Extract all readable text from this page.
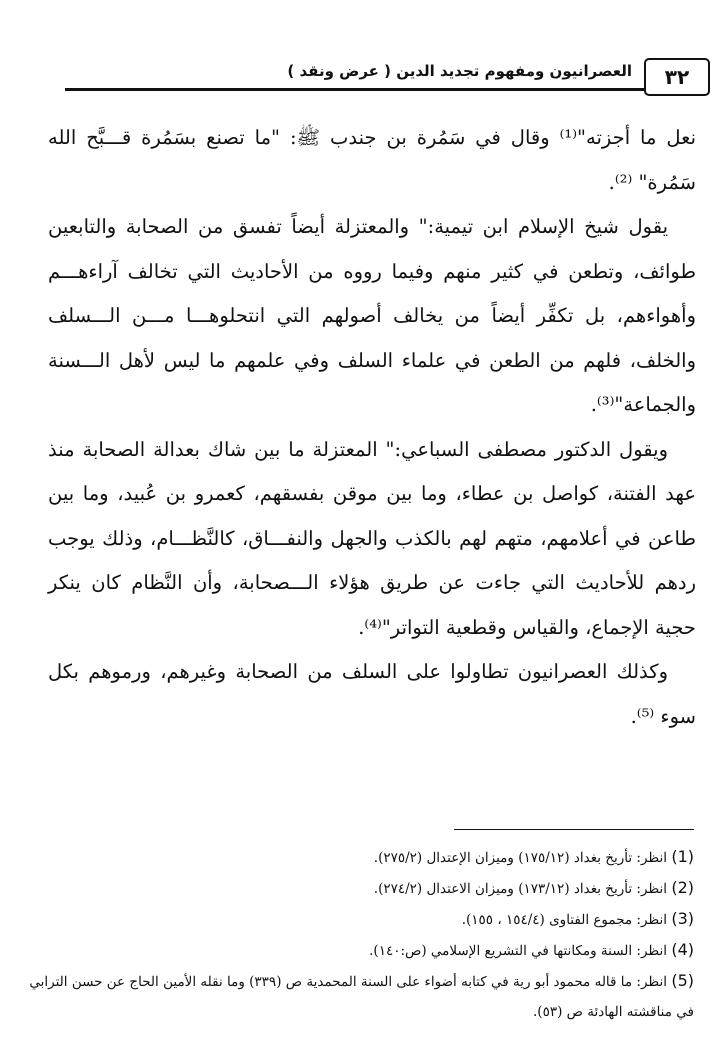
٣٢
العصرانيون ومفهوم تجديد الدين ( عرض ونقد )

نعل ما أجزته"⁽¹⁾ وقال في سَمُرة بن جندب ﷺ: "ما تصنع بسَمُرة قـــبَّح الله سَمُرة" ⁽²⁾.

يقول شيخ الإسلام ابن تيمية:" والمعتزلة أيضاً تفسق من الصحابة والتابعين طوائف، وتطعن في كثير منهم وفيما رووه من الأحاديث التي تخالف آراءهـــم وأهواءهم، بل تكفِّر أيضاً من يخالف أصولهم التي انتحلوهـــا مـــن الـــسلف والخلف، فلهم من الطعن في علماء السلف وفي علمهم ما ليس لأهل الـــسنة والجماعة"⁽³⁾.

ويقول الدكتور مصطفى السباعي:" المعتزلة ما بين شاك بعدالة الصحابة منذ عهد الفتنة، كواصل بن عطاء، وما بين موقن بفسقهم، كعمرو بن عُبيد، وما بين طاعن في أعلامهم، متهم لهم بالكذب والجهل والنفـــاق، كالنَّظـــام، وذلك يوجب ردهم للأحاديث التي جاءت عن طريق هؤلاء الـــصحابة، وأن النَّظام كان ينكر حجية الإجماع، والقياس وقطعية التواتر"⁽⁴⁾.

وكذلك العصرانيون تطاولوا على السلف من الصحابة وغيرهم، ورموهم بكل سوء ⁽⁵⁾.

(1) انظر: تأريخ بغداد (١٧٥/١٢) وميزان الإعتدال (٢٧٥/٢).

(2) انظر: تأريخ بغداد (١٧٣/١٢) وميزان الاعتدال (٢٧٤/٢).

(3) انظر: مجموع الفتاوى (١٥٤/٤ ، ١٥٥).

(4) انظر: السنة ومكانتها في التشريع الإسلامي (ص:١٤٠).

(5) انظر: ما قاله محمود أبو رية في كتابه أضواء على السنة المحمدية ص (٣٣٩) وما نقله الأمين الحاج عن حسن الترابي

في مناقشته الهادئة ص (٥٣).
